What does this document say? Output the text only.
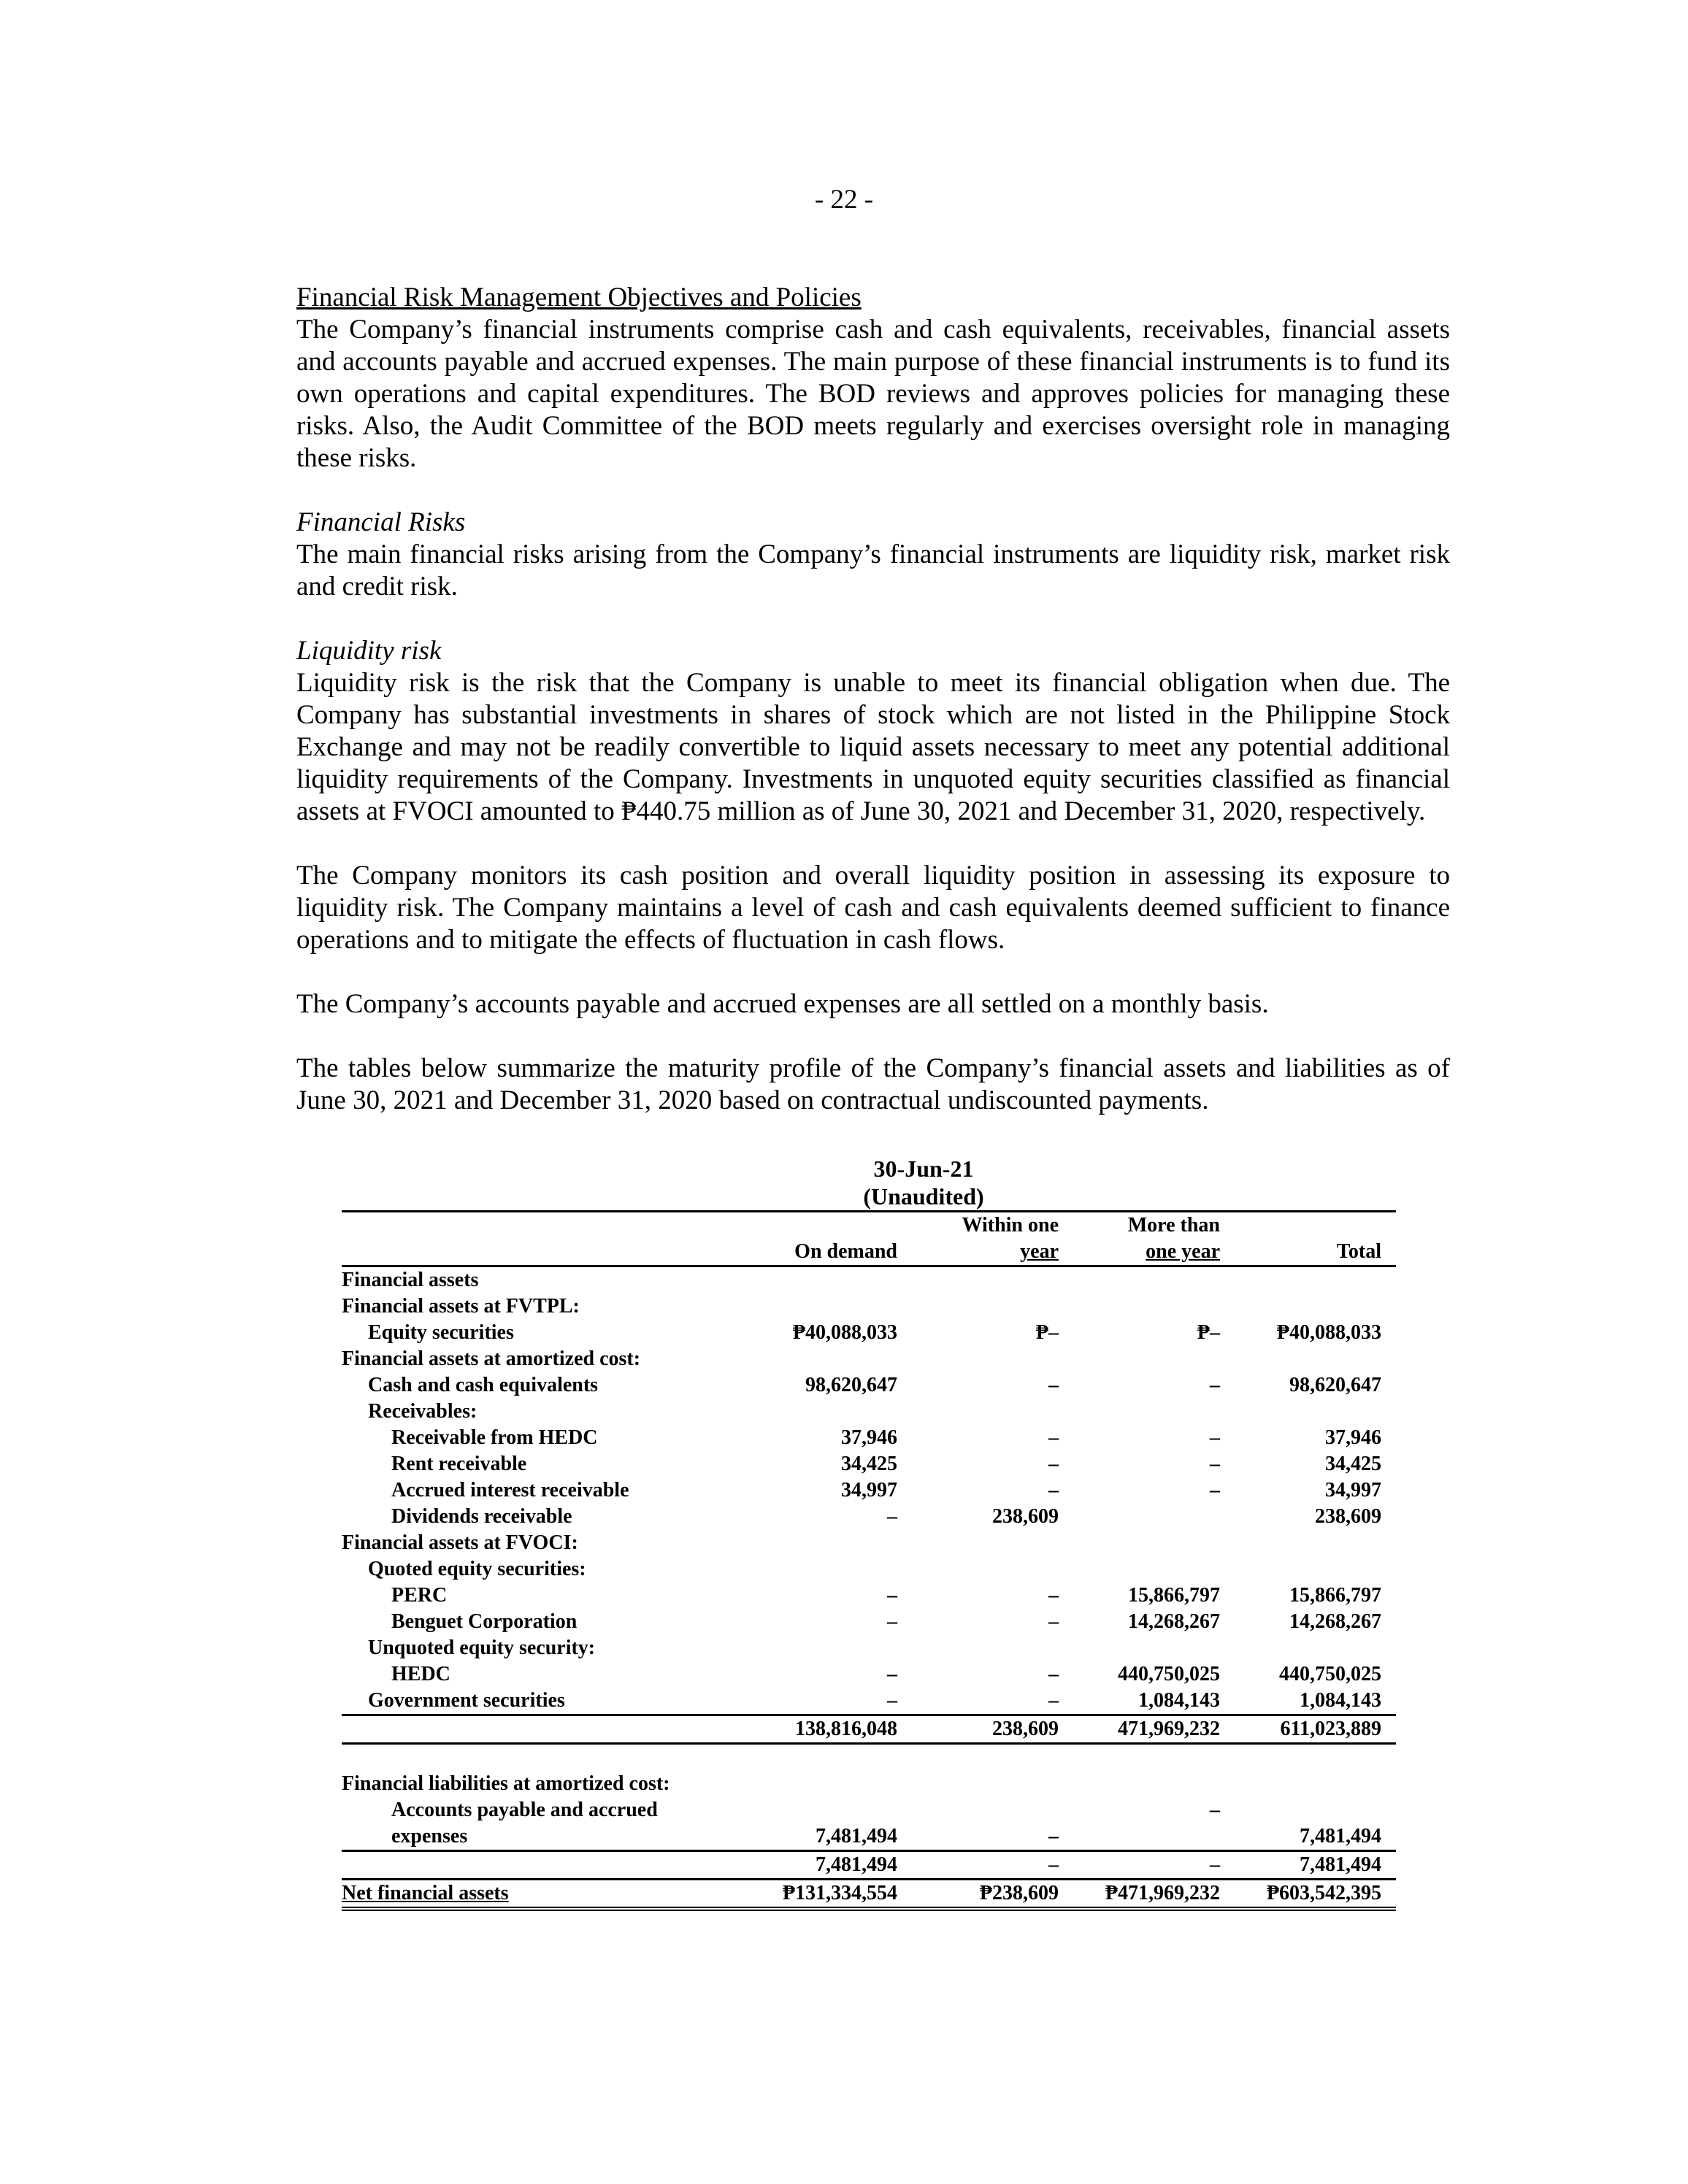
- 22 -

Financial Risk Management Objectives and Policies

The Company’s financial instruments comprise cash and cash equivalents, receivables, financial assets and accounts payable and accrued expenses. The main purpose of these financial instruments is to fund its own operations and capital expenditures. The BOD reviews and approves policies for managing these risks. Also, the Audit Committee of the BOD meets regularly and exercises oversight role in managing these risks.

Financial Risks

The main financial risks arising from the Company’s financial instruments are liquidity risk, market risk and credit risk.

Liquidity risk

Liquidity risk is the risk that the Company is unable to meet its financial obligation when due. The Company has substantial investments in shares of stock which are not listed in the Philippine Stock Exchange and may not be readily convertible to liquid assets necessary to meet any potential additional liquidity requirements of the Company. Investments in unquoted equity securities classified as financial assets at FVOCI amounted to ₱440.75 million as of June 30, 2021 and December 31, 2020, respectively.

The Company monitors its cash position and overall liquidity position in assessing its exposure to liquidity risk. The Company maintains a level of cash and cash equivalents deemed sufficient to finance operations and to mitigate the effects of fluctuation in cash flows.

The Company’s accounts payable and accrued expenses are all settled on a monthly basis.

The tables below summarize the maturity profile of the Company’s financial assets and liabilities as of June 30, 2021 and December 31, 2020 based on contractual undiscounted payments.

30-Jun-21
(Unaudited)
		Within one	More than	
	On demand	year	one year	Total
Financial assets				
Financial assets at FVTPL:				
Equity securities	₱40,088,033	₱–	₱–	₱40,088,033
Financial assets at amortized cost:				
Cash and cash equivalents	98,620,647	–	–	98,620,647
Receivables:				
Receivable from HEDC	37,946	–	–	37,946
Rent receivable	34,425	–	–	34,425
Accrued interest receivable	34,997	–	–	34,997
Dividends receivable	–	238,609		238,609
Financial assets at FVOCI:				
Quoted equity securities:				
PERC	–	–	15,866,797	15,866,797
Benguet Corporation	–	–	14,268,267	14,268,267
Unquoted equity security:				
HEDC	–	–	440,750,025	440,750,025
Government securities	–	–	1,084,143	1,084,143
	138,816,048	238,609	471,969,232	611,023,889

Financial liabilities at amortized cost:				
Accounts payable and accrued			–	
expenses	7,481,494	–		7,481,494
	7,481,494	–	–	7,481,494
Net financial assets	₱131,334,554	₱238,609	₱471,969,232	₱603,542,395
